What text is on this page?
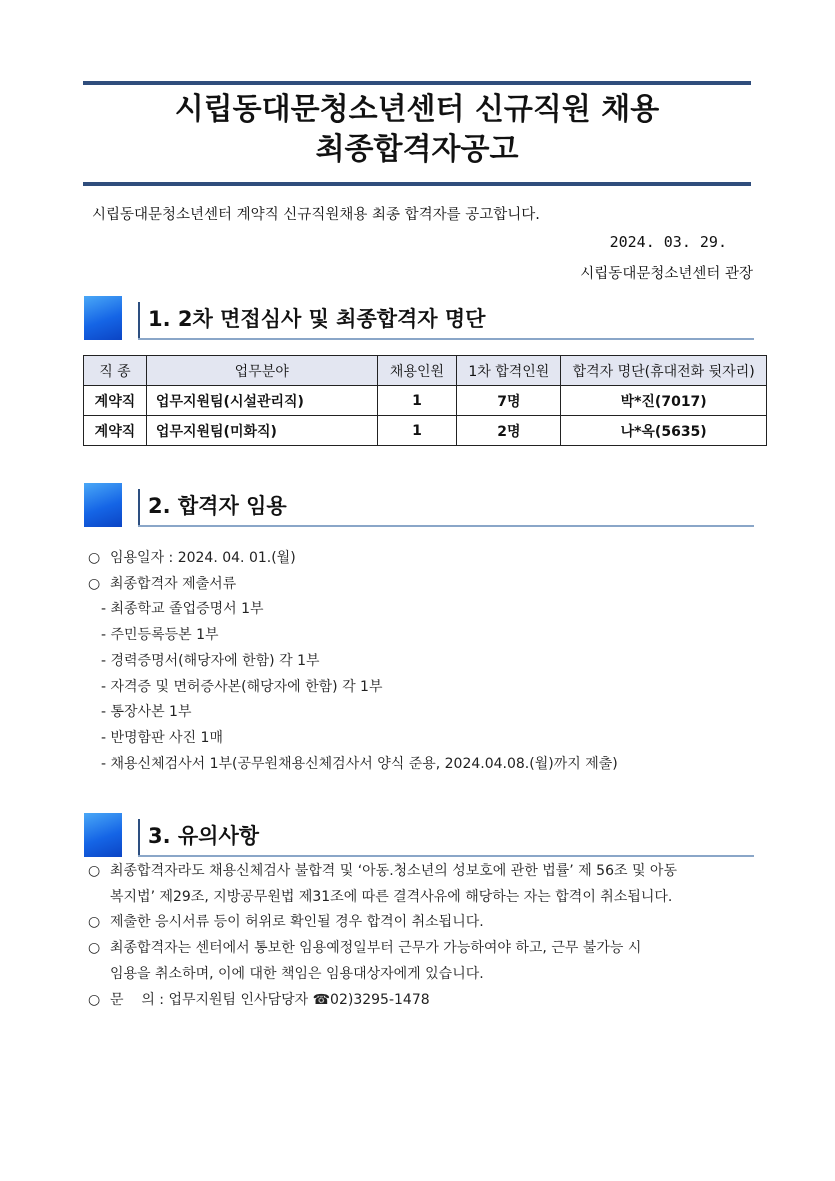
시립동대문청소년센터 신규직원 채용
최종합격자공고
시립동대문청소년센터 계약직 신규직원채용 최종 합격자를 공고합니다.
2024. 03. 29.
시립동대문청소년센터 관장
1. 2차 면접심사 및 최종합격자 명단
직 종	업무분야	채용인원	1차 합격인원	합격자 명단(휴대전화 뒷자리)
계약직	업무지원팀(시설관리직)	1	7명	박*진(7017)
계약직	업무지원팀(미화직)	1	2명	나*옥(5635)
2. 합격자 임용
○ 임용일자 : 2024. 04. 01.(월)
○ 최종합격자 제출서류
- 최종학교 졸업증명서 1부
- 주민등록등본 1부
- 경력증명서(해당자에 한함) 각 1부
- 자격증 및 면허증사본(해당자에 한함) 각 1부
- 통장사본 1부
- 반명함판 사진 1매
- 채용신체검사서 1부(공무원채용신체검사서 양식 준용, 2024.04.08.(월)까지 제출)
3. 유의사항
○ 최종합격자라도 채용신체검사 불합격 및 ‘아동.청소년의 성보호에 관한 법률’ 제 56조 및 아동
복지법’ 제29조, 지방공무원법 제31조에 따른 결격사유에 해당하는 자는 합격이 취소됩니다.
○ 제출한 응시서류 등이 허위로 확인될 경우 합격이 취소됩니다.
○ 최종합격자는 센터에서 통보한 임용예정일부터 근무가 가능하여야 하고, 근무 불가능 시
임용을 취소하며, 이에 대한 책임은 임용대상자에게 있습니다.
○ 문    의 : 업무지원팀 인사담당자 ☎02)3295-1478
